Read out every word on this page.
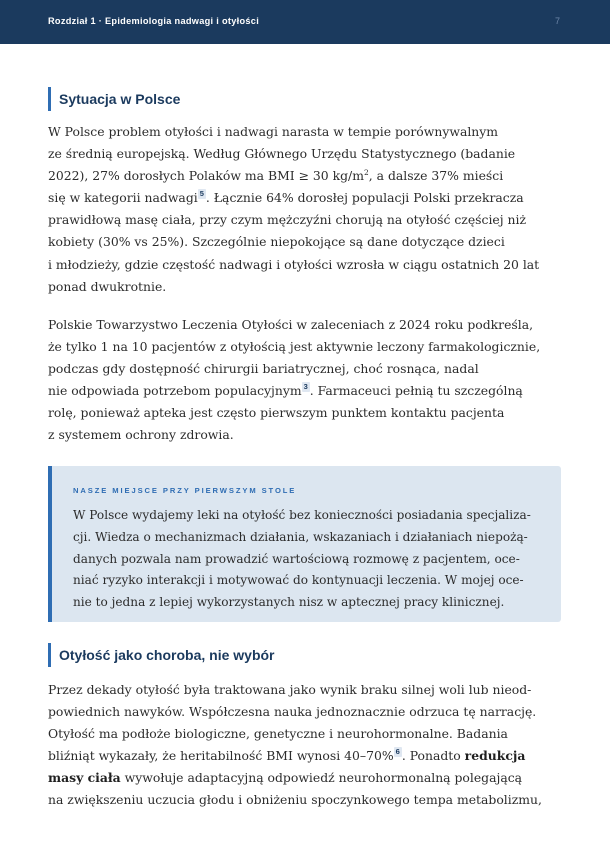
Rozdział 1 · Epidemiologia nadwagi i otyłości	7
Sytuacja w Polsce
W Polsce problem otyłości i nadwagi narasta w tempie porównywalnym
ze średnią europejską. Według Głównego Urzędu Statystycznego (badanie
2022), 27% dorosłych Polaków ma BMI ≥ 30 $kg/m^2$, a dalsze 37% mieści
się w kategorii nadwagi $^5$ . Łącznie 64% dorosłej populacji Polski przekracza
prawidłową masę ciała, przy czym mężczyźni chorują na otyłość częściej niż
kobiety (30% vs 25%). Szczególnie niepokojące są dane dotyczące dzieci
i młodzieży, gdzie częstość nadwagi i otyłości wzrosła w ciągu ostatnich 20 lat
ponad dwukrotnie.
Polskie Towarzystwo Leczenia Otyłości w zaleceniach z 2024 roku podkreśla,
że tylko 1 na 10 pacjentów z otyłością jest aktywnie leczony farmakologicznie,
podczas gdy dostępność chirurgii bariatrycznej, choć rosnąca, nadal
nie odpowiada potrzebom populacyjnym $^3$ . Farmaceuci pełnią tu szczególną
rolę, ponieważ apteka jest często pierwszym punktem kontaktu pacjenta
z systemem ochrony zdrowia.
NASZE MIEJSCE PRZY PIERWSZYM STOLE
W Polsce wydajemy leki na otyłość bez konieczności posiadania specjaliza-
cji. Wiedza o mechanizmach działania, wskazaniach i działaniach niepożą-
danych pozwala nam prowadzić wartościową rozmowę z pacjentem, oce-
niać ryzyko interakcji i motywować do kontynuacji leczenia. W mojej oce-
nie to jedna z lepiej wykorzystanych nisz w aptecznej pracy klinicznej.
Otyłość jako choroba, nie wybór
Przez dekady otyłość była traktowana jako wynik braku silnej woli lub nieod-
powiednich nawyków. Współczesna nauka jednoznacznie odrzuca tę narrację.
Otyłość ma podłoże biologiczne, genetyczne i neurohormonalne. Badania
bliźniąt wykazały, że heritabilność BMI wynosi 40–70% $^6$ . Ponadto redukcja
masy ciała wywołuje adaptacyjną odpowiedź neurohormonalną polegającą
na zwiększeniu uczucia głodu i obniżeniu spoczynkowego tempa metabolizmu,
